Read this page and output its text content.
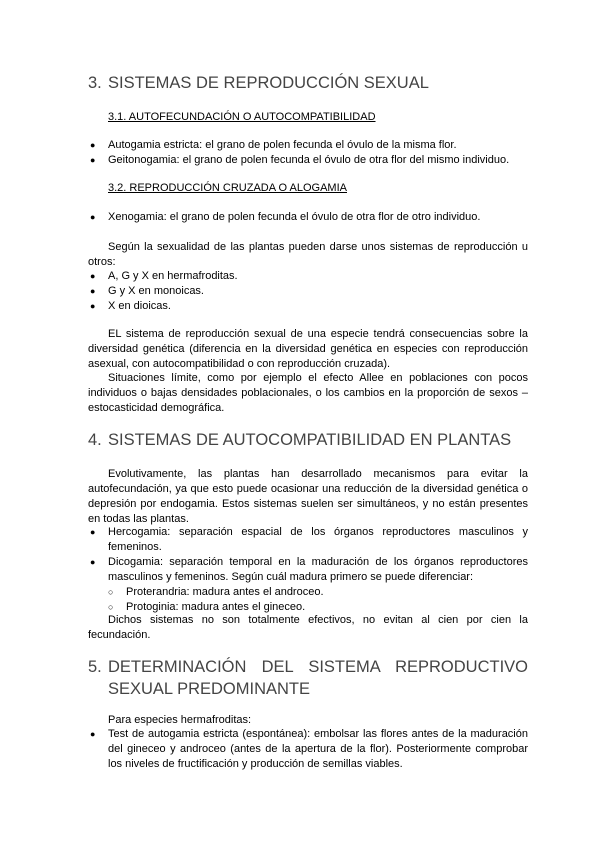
3. SISTEMAS DE REPRODUCCIÓN SEXUAL
3.1. AUTOFECUNDACIÓN O AUTOCOMPATIBILIDAD
● Autogamia estricta: el grano de polen fecunda el óvulo de la misma flor.
● Geitonogamia: el grano de polen fecunda el óvulo de otra flor del mismo individuo.
3.2. REPRODUCCIÓN CRUZADA O ALOGAMIA
● Xenogamia: el grano de polen fecunda el óvulo de otra flor de otro individuo.
Según la sexualidad de las plantas pueden darse unos sistemas de reproducción u otros:
● A, G y X en hermafroditas.
● G y X en monoicas.
● X en dioicas.
EL sistema de reproducción sexual de una especie tendrá consecuencias sobre la diversidad genética (diferencia en la diversidad genética en especies con reproducción asexual, con autocompatibilidad o con reproducción cruzada).
Situaciones límite, como por ejemplo el efecto Allee en poblaciones con pocos individuos o bajas densidades poblacionales, o los cambios en la proporción de sexos – estocasticidad demográfica.
4. SISTEMAS DE AUTOCOMPATIBILIDAD EN PLANTAS
Evolutivamente, las plantas han desarrollado mecanismos para evitar la autofecundación, ya que esto puede ocasionar una reducción de la diversidad genética o depresión por endogamia. Estos sistemas suelen ser simultáneos, y no están presentes en todas las plantas.
● Hercogamia: separación espacial de los órganos reproductores masculinos y femeninos.
● Dicogamia: separación temporal en la maduración de los órganos reproductores masculinos y femeninos. Según cuál madura primero se puede diferenciar:
○ Proterandria: madura antes el androceo.
○ Protoginia: madura antes el gineceo.
Dichos sistemas no son totalmente efectivos, no evitan al cien por cien la fecundación.
5. DETERMINACIÓN DEL SISTEMA REPRODUCTIVO
SEXUAL PREDOMINANTE
Para especies hermafroditas:
● Test de autogamia estricta (espontánea): embolsar las flores antes de la maduración del gineceo y androceo (antes de la apertura de la flor). Posteriormente comprobar los niveles de fructificación y producción de semillas viables.
